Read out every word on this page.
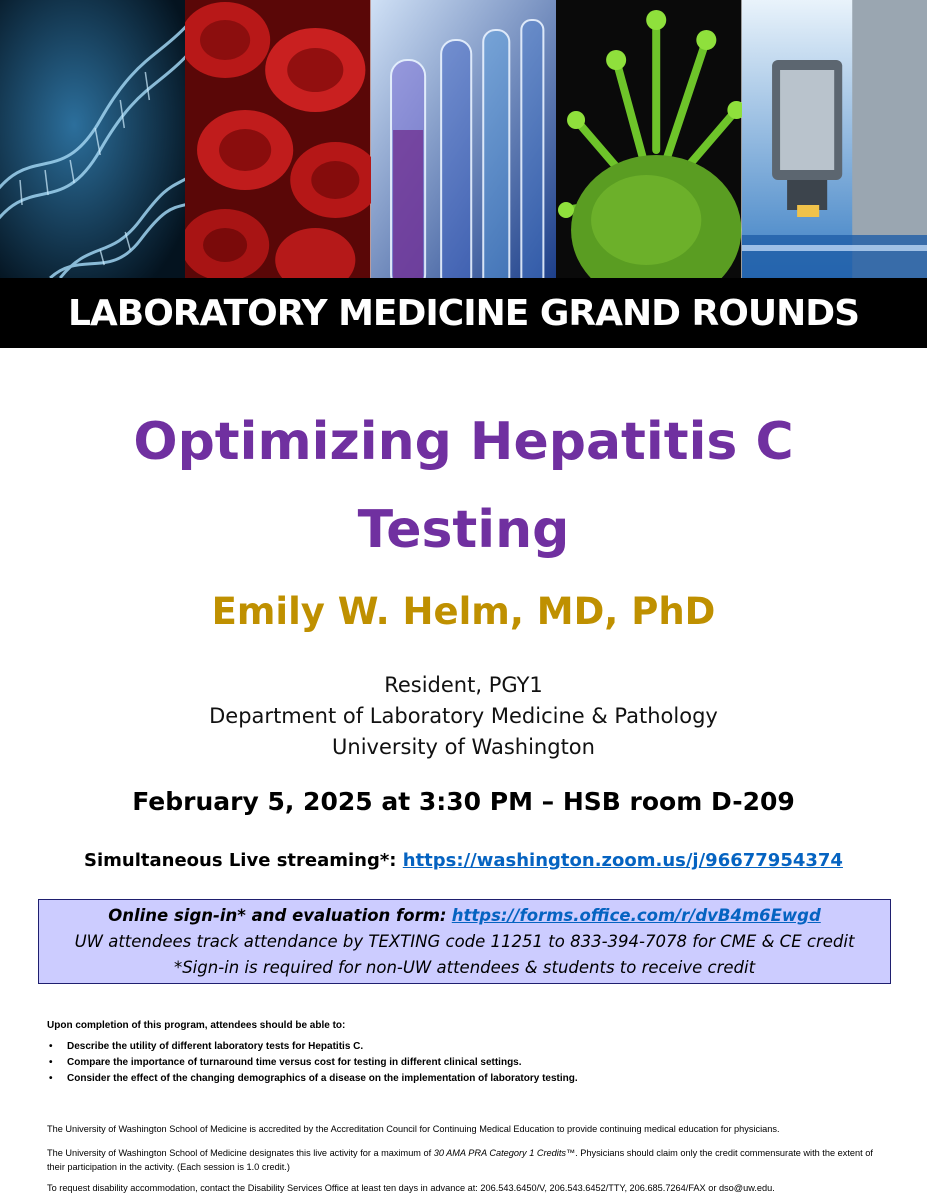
LABORATORY MEDICINE GRAND ROUNDS
Optimizing Hepatitis C
Testing
Emily W. Helm, MD, PhD
Resident, PGY1
Department of Laboratory Medicine & Pathology
University of Washington
February 5, 2025 at 3:30 PM – HSB room D-209
Simultaneous Live streaming*: https://washington.zoom.us/j/96677954374
Online sign-in* and evaluation form: https://forms.office.com/r/dvB4m6Ewgd
UW attendees track attendance by TEXTING code 11251 to 833-394-7078 for CME & CE credit
*Sign-in is required for non-UW attendees & students to receive credit
Upon completion of this program, attendees should be able to:
• Describe the utility of different laboratory tests for Hepatitis C.
• Compare the importance of turnaround time versus cost for testing in different clinical settings.
• Consider the effect of the changing demographics of a disease on the implementation of laboratory testing.
The University of Washington School of Medicine is accredited by the Accreditation Council for Continuing Medical Education to provide continuing medical education for physicians.
The University of Washington School of Medicine designates this live activity for a maximum of 30 AMA PRA Category 1 Credits™. Physicians should claim only the credit commensurate with the extent of their participation in the activity. (Each session is 1.0 credit.)
To request disability accommodation, contact the Disability Services Office at least ten days in advance at: 206.543.6450/V, 206.543.6452/TTY, 206.685.7264/FAX or dso@uw.edu.
